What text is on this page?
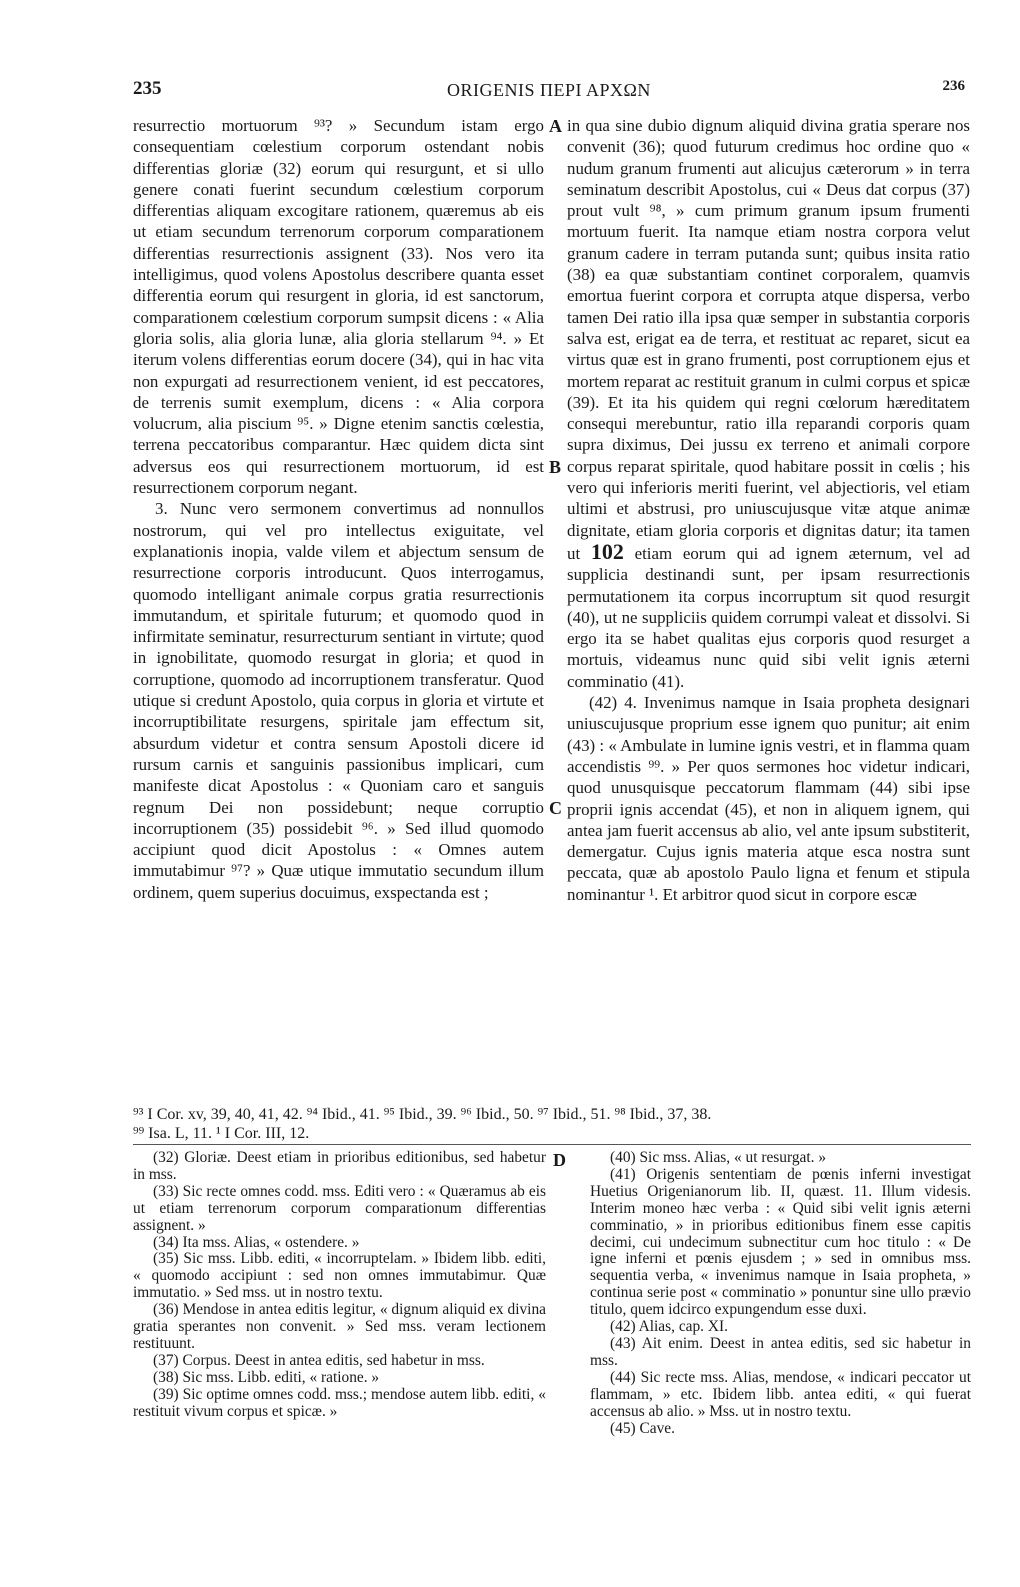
235	ORIGENIS ΠΕΡΙ ΑΡΧΩΝ	236

resurrectio mortuorum ⁹³? » Secundum istam ergo consequentiam cœlestium corporum ostendant nobis differentias gloriæ (32) eorum qui resurgunt, et si ullo genere conati fuerint secundum cœlestium corporum differentias aliquam excogitare rationem, quæremus ab eis ut etiam secundum terrenorum corporum comparationem differentias resurrectionis assignent (33). Nos vero ita intelligimus, quod volens Apostolus describere quanta esset differentia eorum qui resurgent in gloria, id est sanctorum, comparationem cœlestium corporum sumpsit dicens : « Alia gloria solis, alia gloria lunæ, alia gloria stellarum ⁹⁴. » Et iterum volens differentias eorum docere (34), qui in hac vita non expurgati ad resurrectionem venient, id est peccatores, de terrenis sumit exemplum, dicens : « Alia corpora volucrum, alia piscium ⁹⁵. » Digne etenim sanctis cœlestia, terrena peccatoribus comparantur. Hæc quidem dicta sint adversus eos qui resurrectionem mortuorum, id est resurrectionem corporum negant.

3. Nunc vero sermonem convertimus ad nonnullos nostrorum, qui vel pro intellectus exiguitate, vel explanationis inopia, valde vilem et abjectum sensum de resurrectione corporis introducunt. Quos interrogamus, quomodo intelligant animale corpus gratia resurrectionis immutandum, et spiritale futurum; et quomodo quod in infirmitate seminatur, resurrecturum sentiant in virtute; quod in ignobilitate, quomodo resurgat in gloria; et quod in corruptione, quomodo ad incorruptionem transferatur. Quod utique si credunt Apostolo, quia corpus in gloria et virtute et incorruptibilitate resurgens, spiritale jam effectum sit, absurdum videtur et contra sensum Apostoli dicere id rursum carnis et sanguinis passionibus implicari, cum manifeste dicat Apostolus : « Quoniam caro et sanguis regnum Dei non possidebunt; neque corruptio incorruptionem (35) possidebit ⁹⁶. » Sed illud quomodo accipiunt quod dicit Apostolus : « Omnes autem immutabimur ⁹⁷? » Quæ utique immutatio secundum illum ordinem, quem superius docuimus, exspectanda est ;

in qua sine dubio dignum aliquid divina gratia sperare nos convenit (36); quod futurum credimus hoc ordine quo « nudum granum frumenti aut alicujus cæterorum » in terra seminatum describit Apostolus, cui « Deus dat corpus (37) prout vult ⁹⁸, » cum primum granum ipsum frumenti mortuum fuerit. Ita namque etiam nostra corpora velut granum cadere in terram putanda sunt; quibus insita ratio (38) ea quæ substantiam continet corporalem, quamvis emortua fuerint corpora et corrupta atque dispersa, verbo tamen Dei ratio illa ipsa quæ semper in substantia corporis salva est, erigat ea de terra, et restituat ac reparet, sicut ea virtus quæ est in grano frumenti, post corruptionem ejus et mortem reparat ac restituit granum in culmi corpus et spicæ (39). Et ita his quidem qui regni cœlorum hæreditatem consequi merebuntur, ratio illa reparandi corporis quam supra diximus, Dei jussu ex terreno et animali corpore corpus reparat spiritale, quod habitare possit in cœlis ; his vero qui inferioris meriti fuerint, vel abjectioris, vel etiam ultimi et abstrusi, pro uniuscujusque vitæ atque animæ dignitate, etiam gloria corporis et dignitas datur; ita tamen ut 102 etiam eorum qui ad ignem æternum, vel ad supplicia destinandi sunt, per ipsam resurrectionis permutationem ita corpus incorruptum sit quod resurgit (40), ut ne suppliciis quidem corrumpi valeat et dissolvi. Si ergo ita se habet qualitas ejus corporis quod resurget a mortuis, videamus nunc quid sibi velit ignis æterni comminatio (41).

(42) 4. Invenimus namque in Isaia propheta designari uniuscujusque proprium esse ignem quo punitur; ait enim (43) : « Ambulate in lumine ignis vestri, et in flamma quam accendistis ⁹⁹. » Per quos sermones hoc videtur indicari, quod unusquisque peccatorum flammam (44) sibi ipse proprii ignis accendat (45), et non in aliquem ignem, qui antea jam fuerit accensus ab alio, vel ante ipsum substiterit, demergatur. Cujus ignis materia atque esca nostra sunt peccata, quæ ab apostolo Paulo ligna et fenum et stipula nominantur ¹. Et arbitror quod sicut in corpore escæ

A
B
C
D
⁹³ I Cor. xv, 39, 40, 41, 42. ⁹⁴ Ibid., 41. ⁹⁵ Ibid., 39. ⁹⁶ Ibid., 50. ⁹⁷ Ibid., 51. ⁹⁸ Ibid., 37, 38.
⁹⁹ Isa. L, 11. ¹ I Cor. III, 12.

(32) Gloriæ. Deest etiam in prioribus editionibus, sed habetur in mss.

(33) Sic recte omnes codd. mss. Editi vero : « Quæramus ab eis ut etiam terrenorum corporum comparationum differentias assignent. »

(34) Ita mss. Alias, « ostendere. »

(35) Sic mss. Libb. editi, « incorruptelam. » Ibidem libb. editi, « quomodo accipiunt : sed non omnes immutabimur. Quæ immutatio. » Sed mss. ut in nostro textu.

(36) Mendose in antea editis legitur, « dignum aliquid ex divina gratia sperantes non convenit. » Sed mss. veram lectionem restituunt.

(37) Corpus. Deest in antea editis, sed habetur in mss.

(38) Sic mss. Libb. editi, « ratione. »

(39) Sic optime omnes codd. mss.; mendose autem libb. editi, « restituit vivum corpus et spicæ. »

(40) Sic mss. Alias, « ut resurgat. »

(41) Origenis sententiam de pœnis inferni investigat Huetius Origenianorum lib. II, quæst. 11. Illum videsis. Interim moneo hæc verba : « Quid sibi velit ignis æterni comminatio, » in prioribus editionibus finem esse capitis decimi, cui undecimum subnectitur cum hoc titulo : « De igne inferni et pœnis ejusdem ; » sed in omnibus mss. sequentia verba, « invenimus namque in Isaia propheta, » continua serie post « comminatio » ponuntur sine ullo prævio titulo, quem idcirco expungendum esse duxi.

(42) Alias, cap. XI.

(43) Ait enim. Deest in antea editis, sed sic habetur in mss.

(44) Sic recte mss. Alias, mendose, « indicari peccator ut flammam, » etc. Ibidem libb. antea editi, « qui fuerat accensus ab alio. » Mss. ut in nostro textu.

(45) Cave.
